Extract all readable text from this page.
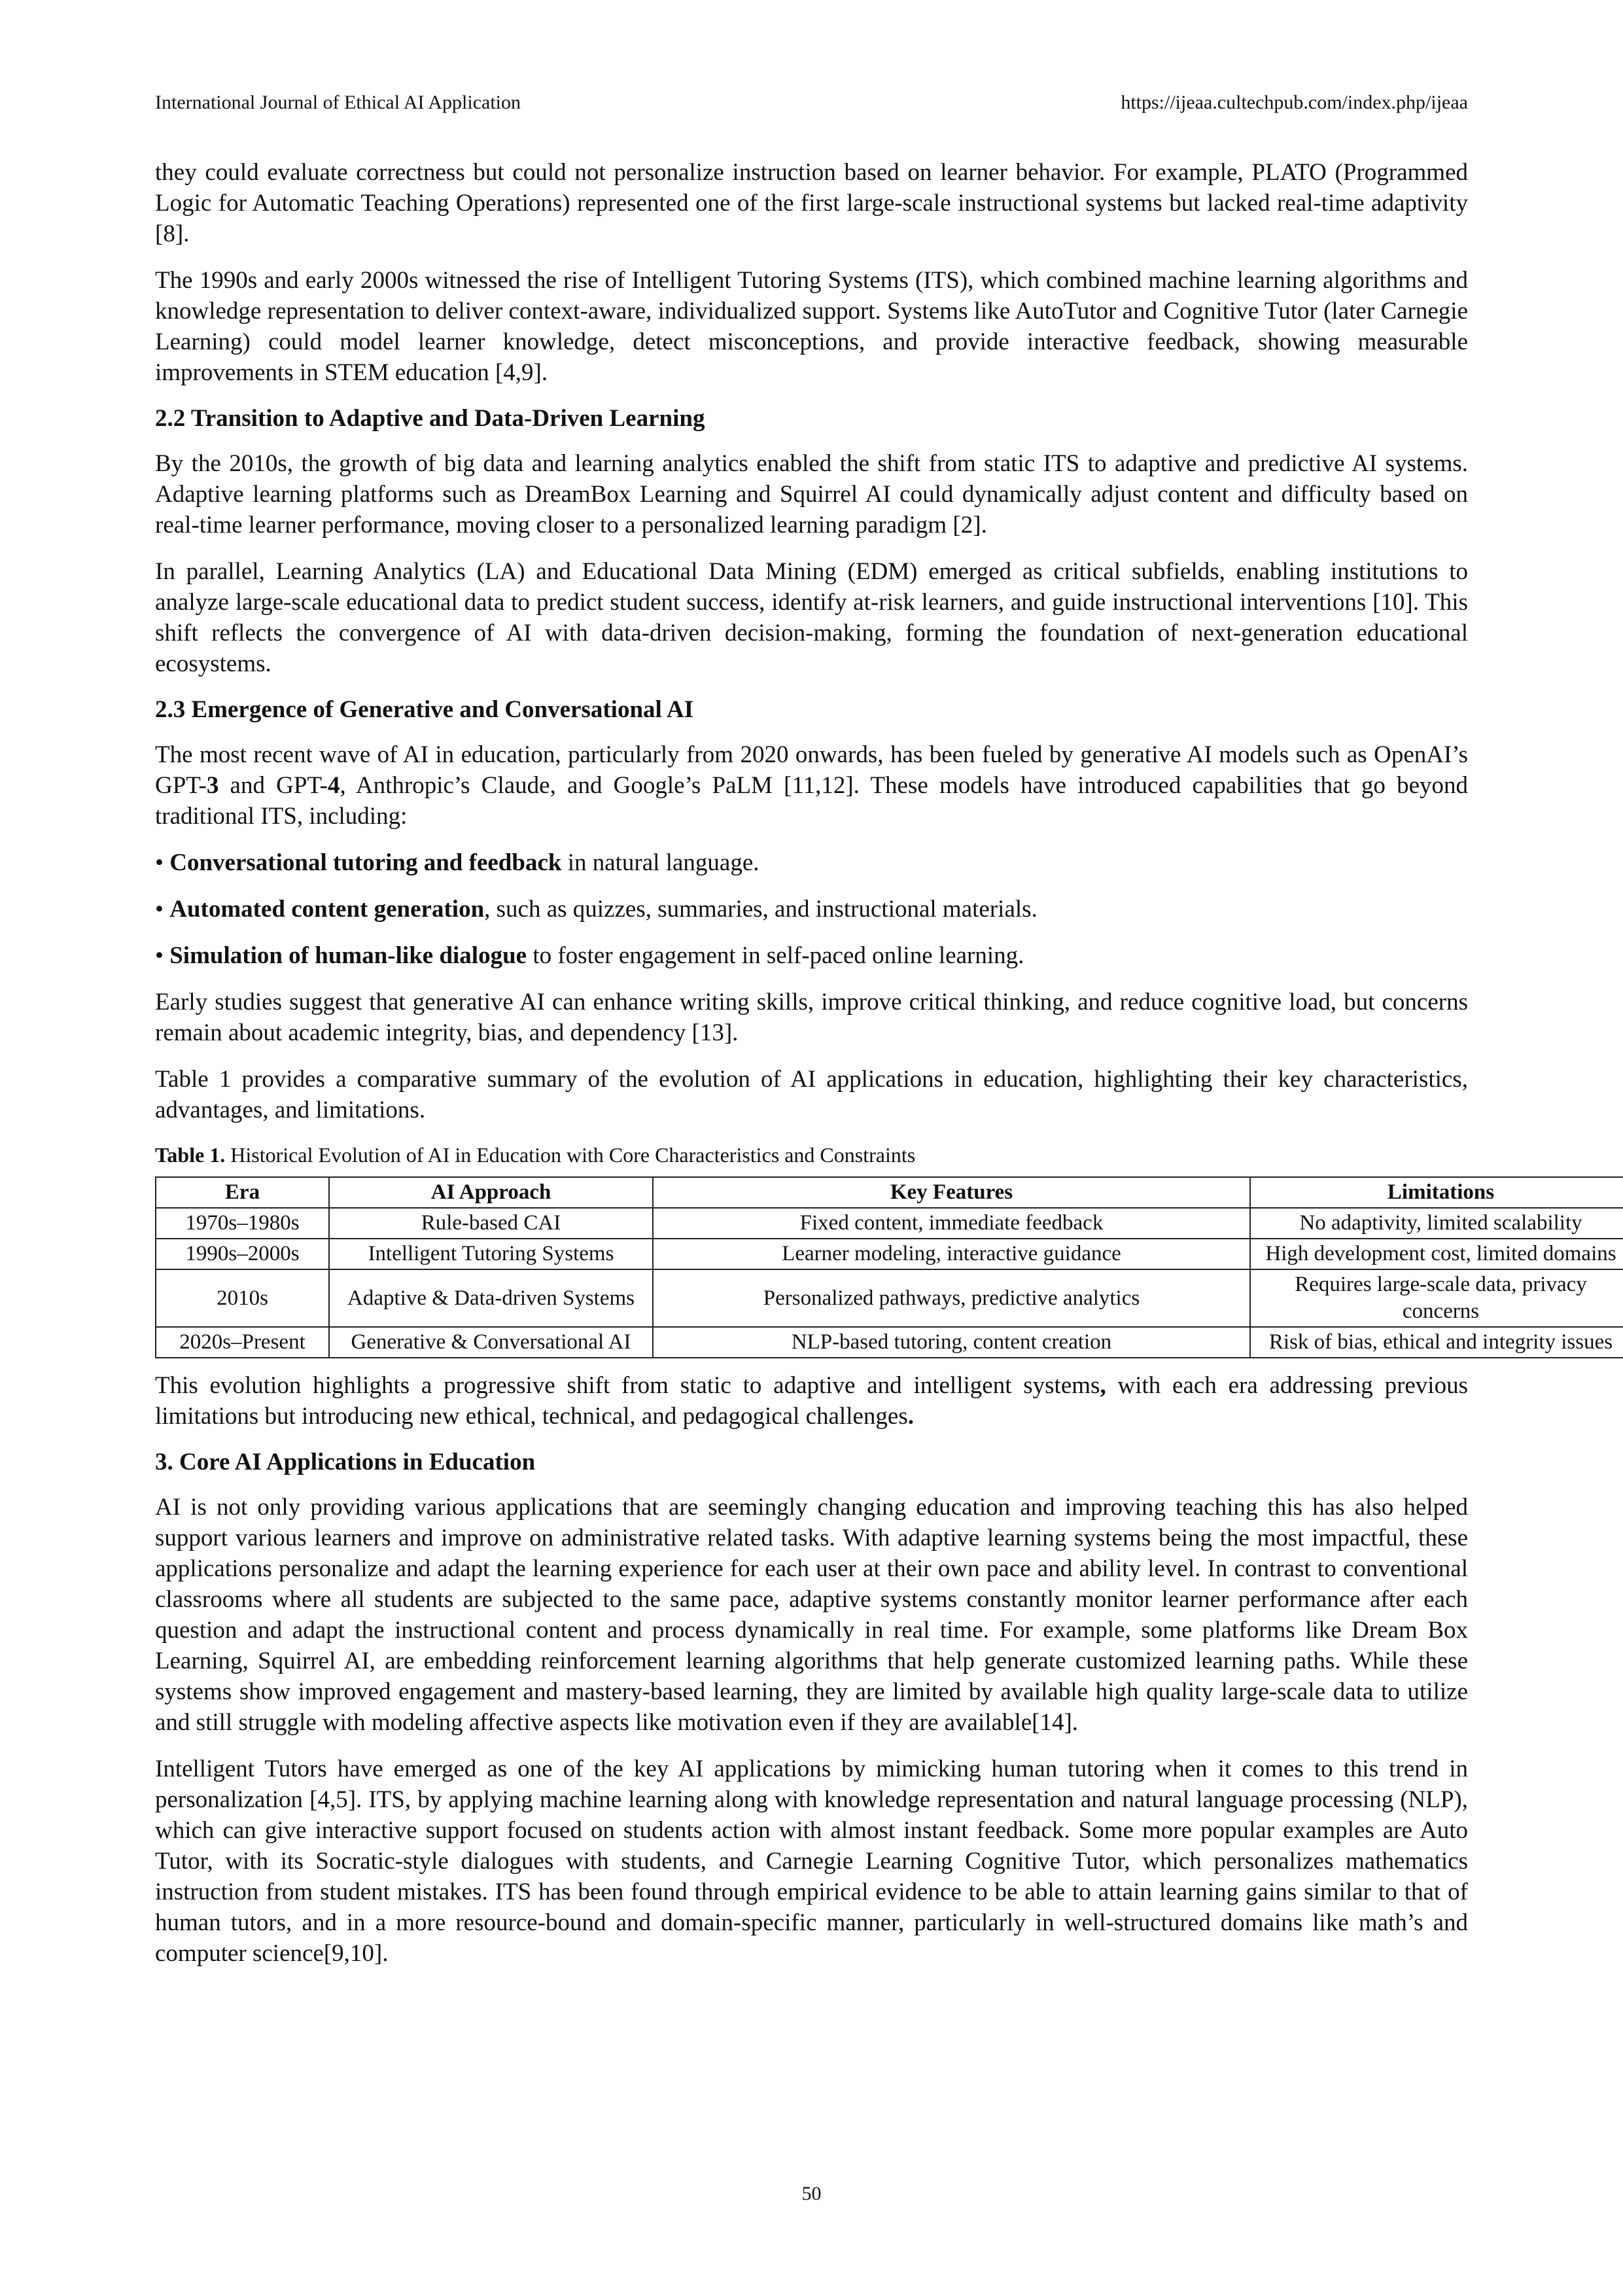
International Journal of Ethical AI Application	https://ijeaa.cultechpub.com/index.php/ijeaa

they could evaluate correctness but could not personalize instruction based on learner behavior. For example, PLATO (Programmed Logic for Automatic Teaching Operations) represented one of the first large-scale instructional systems but lacked real-time adaptivity [8].

The 1990s and early 2000s witnessed the rise of Intelligent Tutoring Systems (ITS), which combined machine learning algorithms and knowledge representation to deliver context-aware, individualized support. Systems like AutoTutor and Cognitive Tutor (later Carnegie Learning) could model learner knowledge, detect misconceptions, and provide interactive feedback, showing measurable improvements in STEM education [4,9].

2.2 Transition to Adaptive and Data-Driven Learning

By the 2010s, the growth of big data and learning analytics enabled the shift from static ITS to adaptive and predictive AI systems. Adaptive learning platforms such as DreamBox Learning and Squirrel AI could dynamically adjust content and difficulty based on real-time learner performance, moving closer to a personalized learning paradigm [2].

In parallel, Learning Analytics (LA) and Educational Data Mining (EDM) emerged as critical subfields, enabling institutions to analyze large-scale educational data to predict student success, identify at-risk learners, and guide instructional interventions [10]. This shift reflects the convergence of AI with data-driven decision-making, forming the foundation of next-generation educational ecosystems.

2.3 Emergence of Generative and Conversational AI

The most recent wave of AI in education, particularly from 2020 onwards, has been fueled by generative AI models such as OpenAI’s GPT-3 and GPT-4, Anthropic’s Claude, and Google’s PaLM [11,12]. These models have introduced capabilities that go beyond traditional ITS, including:

• Conversational tutoring and feedback in natural language.

• Automated content generation, such as quizzes, summaries, and instructional materials.

• Simulation of human-like dialogue to foster engagement in self-paced online learning.

Early studies suggest that generative AI can enhance writing skills, improve critical thinking, and reduce cognitive load, but concerns remain about academic integrity, bias, and dependency [13].

Table 1 provides a comparative summary of the evolution of AI applications in education, highlighting their key characteristics, advantages, and limitations.

Table 1. Historical Evolution of AI in Education with Core Characteristics and Constraints

Era	AI Approach	Key Features	Limitations
1970s–1980s	Rule-based CAI	Fixed content, immediate feedback	No adaptivity, limited scalability
1990s–2000s	Intelligent Tutoring Systems	Learner modeling, interactive guidance	High development cost, limited domains
2010s	Adaptive & Data-driven Systems	Personalized pathways, predictive analytics	Requires large-scale data, privacy concerns
2020s–Present	Generative & Conversational AI	NLP-based tutoring, content creation	Risk of bias, ethical and integrity issues

This evolution highlights a progressive shift from static to adaptive and intelligent systems, with each era addressing previous limitations but introducing new ethical, technical, and pedagogical challenges.

3. Core AI Applications in Education

AI is not only providing various applications that are seemingly changing education and improving teaching this has also helped support various learners and improve on administrative related tasks. With adaptive learning systems being the most impactful, these applications personalize and adapt the learning experience for each user at their own pace and ability level. In contrast to conventional classrooms where all students are subjected to the same pace, adaptive systems constantly monitor learner performance after each question and adapt the instructional content and process dynamically in real time. For example, some platforms like Dream Box Learning, Squirrel AI, are embedding reinforcement learning algorithms that help generate customized learning paths. While these systems show improved engagement and mastery-based learning, they are limited by available high quality large-scale data to utilize and still struggle with modeling affective aspects like motivation even if they are available[14].

Intelligent Tutors have emerged as one of the key AI applications by mimicking human tutoring when it comes to this trend in personalization [4,5]. ITS, by applying machine learning along with knowledge representation and natural language processing (NLP), which can give interactive support focused on students action with almost instant feedback. Some more popular examples are Auto Tutor, with its Socratic-style dialogues with students, and Carnegie Learning Cognitive Tutor, which personalizes mathematics instruction from student mistakes. ITS has been found through empirical evidence to be able to attain learning gains similar to that of human tutors, and in a more resource-bound and domain-specific manner, particularly in well-structured domains like math’s and computer science[9,10].

50
